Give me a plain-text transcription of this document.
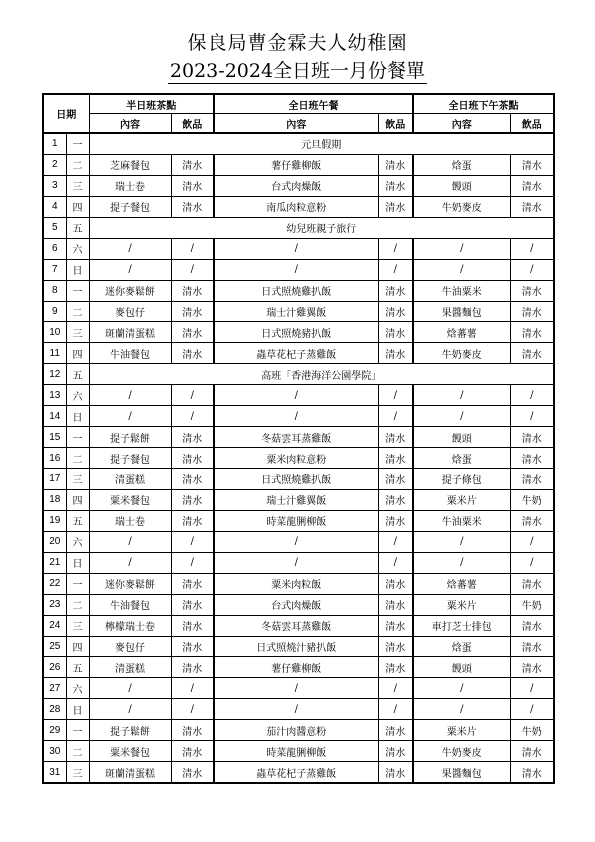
保良局曹金霖夫人幼稚園
2023-2024全日班一月份餐單
日期		半日班茶點		全日班午餐		全日班下午茶點	
		內容	飲品	內容	飲品	內容	飲品
1	一	元旦假期					
2	二	芝麻餐包	清水	薯仔雞柳飯	清水	焓蛋	清水
3	三	瑞士卷	清水	台式肉燥飯	清水	饅頭	清水
4	四	提子餐包	清水	南瓜肉粒意粉	清水	牛奶麥皮	清水
5	五	幼兒班親子旅行					
6	六	/	/	/	/	/	/
7	日	/	/	/	/	/	/
8	一	迷你麥鬆餅	清水	日式照燒雞扒飯	清水	牛油粟米	清水
9	二	麥包仔	清水	瑞士汁雞翼飯	清水	果醬麵包	清水
10	三	斑蘭清蛋糕	清水	日式照燒豬扒飯	清水	焓蕃薯	清水
11	四	牛油餐包	清水	蟲草花杞子蒸雞飯	清水	牛奶麥皮	清水
12	五	高班「香港海洋公園學院」					
13	六	/	/	/	/	/	/
14	日	/	/	/	/	/	/
15	一	提子鬆餅	清水	冬菇雲耳蒸雞飯	清水	饅頭	清水
16	二	提子餐包	清水	粟米肉粒意粉	清水	焓蛋	清水
17	三	清蛋糕	清水	日式照燒雞扒飯	清水	提子條包	清水
18	四	粟米餐包	清水	瑞士汁雞翼飯	清水	粟米片	牛奶
19	五	瑞士卷	清水	時菜龍脷柳飯	清水	牛油粟米	清水
20	六	/	/	/	/	/	/
21	日	/	/	/	/	/	/
22	一	迷你麥鬆餅	清水	粟米肉粒飯	清水	焓蕃薯	清水
23	二	牛油餐包	清水	台式肉燥飯	清水	粟米片	牛奶
24	三	檸檬瑞士卷	清水	冬菇雲耳蒸雞飯	清水	車打芝士排包	清水
25	四	麥包仔	清水	日式照燒汁豬扒飯	清水	焓蛋	清水
26	五	清蛋糕	清水	薯仔雞柳飯	清水	饅頭	清水
27	六	/	/	/	/	/	/
28	日	/	/	/	/	/	/
29	一	提子鬆餅	清水	茄汁肉醬意粉	清水	粟米片	牛奶
30	二	粟米餐包	清水	時菜龍脷柳飯	清水	牛奶麥皮	清水
31	三	斑蘭清蛋糕	清水	蟲草花杞子蒸雞飯	清水	果醬麵包	清水
